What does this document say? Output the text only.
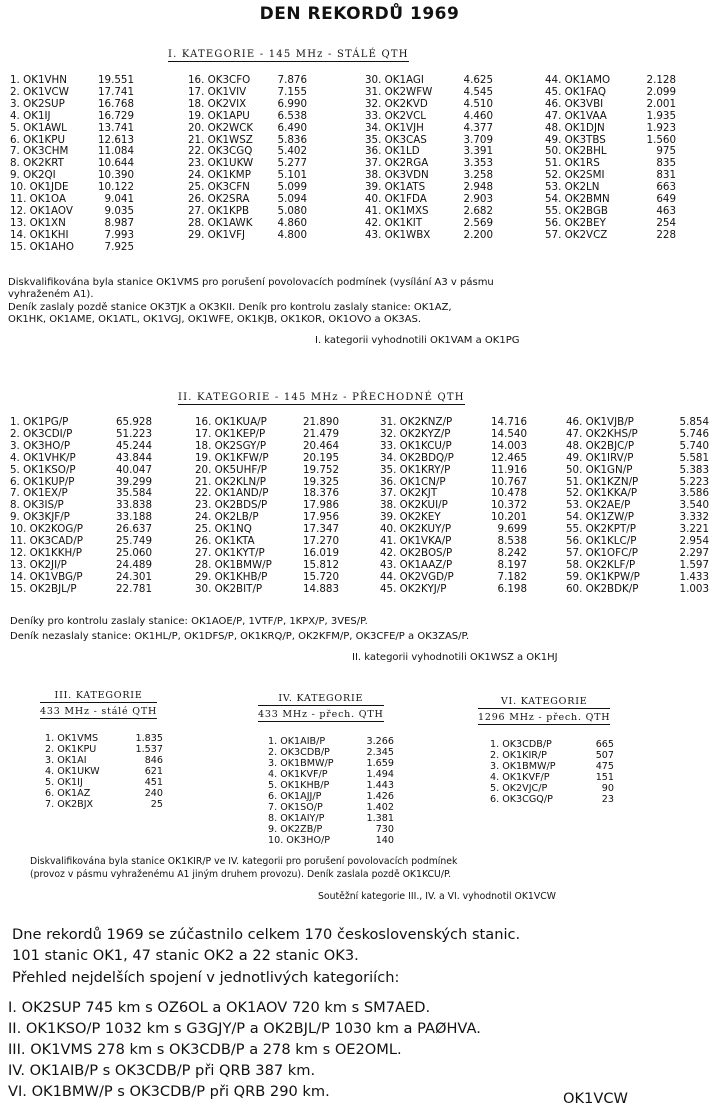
DEN REKORDŮ 1969
I. KATEGORIE - 145 MHz - STÁLÉ QTH
1. OK1VHN	19.551
2. OK1VCW	17.741
3. OK2SUP	16.768
4. OK1IJ	16.729
5. OK1AWL	13.741
6. OK1KPU	12.613
7. OK3CHM	11.084
8. OK2KRT	10.644
9. OK2QI	10.390
10. OK1JDE	10.122
11. OK1OA	9.041
12. OK1AOV	9.035
13. OK1XN	8.987
14. OK1KHI	7.993
15. OK1AHO	7.925
16. OK3CFO	7.876
17. OK1VIV	7.155
18. OK2VIX	6.990
19. OK1APU	6.538
20. OK2WCK	6.490
21. OK1WSZ	5.836
22. OK3CGQ	5.402
23. OK1UKW	5.277
24. OK1KMP	5.101
25. OK3CFN	5.099
26. OK2SRA	5.094
27. OK1KPB	5.080
28. OK1AWK	4.860
29. OK1VFJ	4.800
30. OK1AGI	4.625
31. OK2WFW	4.545
32. OK2KVD	4.510
33. OK2VCL	4.460
34. OK1VJH	4.377
35. OK3CAS	3.709
36. OK1LD	3.391
37. OK2RGA	3.353
38. OK3VDN	3.258
39. OK1ATS	2.948
40. OK1FDA	2.903
41. OK1MXS	2.682
42. OK1KIT	2.569
43. OK1WBX	2.200
44. OK1AMO	2.128
45. OK1FAQ	2.099
46. OK3VBI	2.001
47. OK1VAA	1.935
48. OK1DJN	1.923
49. OK3TBS	1.560
50. OK2BHL	975
51. OK1RS	835
52. OK2SMI	831
53. OK2LN	663
54. OK2BMN	649
55. OK2BGB	463
56. OK2BEY	254
57. OK2VCZ	228
Diskvalifikována byla stanice OK1VMS pro porušení povolovacích podmínek (vysílání A3 v pásmu
vyhraženém A1).
Deník zaslaly pozdě stanice OK3TJK a OK3KII. Deník pro kontrolu zaslaly stanice: OK1AZ,
OK1HK, OK1AME, OK1ATL, OK1VGJ, OK1WFE, OK1KJB, OK1KOR, OK1OVO a OK3AS.
I. kategorii vyhodnotili OK1VAM a OK1PG
II. KATEGORIE - 145 MHz - PŘECHODNÉ QTH
1. OK1PG/P	65.928
2. OK3CDI/P	51.223
3. OK3HO/P	45.244
4. OK1VHK/P	43.844
5. OK1KSO/P	40.047
6. OK1KUP/P	39.299
7. OK1EX/P	35.584
8. OK3IS/P	33.838
9. OK3KJF/P	33.188
10. OK2KOG/P	26.637
11. OK3CAD/P	25.749
12. OK1KKH/P	25.060
13. OK2JI/P	24.489
14. OK1VBG/P	24.301
15. OK2BJL/P	22.781
16. OK1KUA/P	21.890
17. OK1KEP/P	21.479
18. OK2SGY/P	20.464
19. OK1KFW/P	20.195
20. OK5UHF/P	19.752
21. OK2KLN/P	19.325
22. OK1AND/P	18.376
23. OK2BDS/P	17.986
24. OK2LB/P	17.956
25. OK1NQ	17.347
26. OK1KTA	17.270
27. OK1KYT/P	16.019
28. OK1BMW/P	15.812
29. OK1KHB/P	15.720
30. OK2BIT/P	14.883
31. OK2KNZ/P	14.716
32. OK2KYZ/P	14.540
33. OK1KCU/P	14.003
34. OK2BDQ/P	12.465
35. OK1KRY/P	11.916
36. OK1CN/P	10.767
37. OK2KJT	10.478
38. OK2KUI/P	10.372
39. OK2KEY	10.201
40. OK2KUY/P	9.699
41. OK1VKA/P	8.538
42. OK2BOS/P	8.242
43. OK1AAZ/P	8.197
44. OK2VGD/P	7.182
45. OK2KYJ/P	6.198
46. OK1VJB/P	5.854
47. OK2KHS/P	5.746
48. OK2BJC/P	5.740
49. OK1IRV/P	5.581
50. OK1GN/P	5.383
51. OK1KZN/P	5.223
52. OK1KKA/P	3.586
53. OK2AE/P	3.540
54. OK1ZW/P	3.332
55. OK2KPT/P	3.221
56. OK1KLC/P	2.954
57. OK1OFC/P	2.297
58. OK2KLF/P	1.597
59. OK1KPW/P	1.433
60. OK2BDK/P	1.003
Deníky pro kontrolu zaslaly stanice: OK1AOE/P, 1VTF/P, 1KPX/P, 3VES/P.
Deník nezaslaly stanice: OK1HL/P, OK1DFS/P, OK1KRQ/P, OK2KFM/P, OK3CFE/P a OK3ZAS/P.
II. kategorii vyhodnotili OK1WSZ a OK1HJ
III. KATEGORIE
433 MHz - stálé QTH
1. OK1VMS	1.835
2. OK1KPU	1.537
3. OK1AI	846
4. OK1UKW	621
5. OK1IJ	451
6. OK1AZ	240
7. OK2BJX	25
IV. KATEGORIE
433 MHz - přech. QTH
1. OK1AIB/P	3.266
2. OK3CDB/P	2.345
3. OK1BMW/P	1.659
4. OK1KVF/P	1.494
5. OK1KHB/P	1.443
6. OK1AJJ/P	1.426
7. OK1SO/P	1.402
8. OK1AIY/P	1.381
9. OK2ZB/P	730
10. OK3HO/P	140
VI. KATEGORIE
1296 MHz - přech. QTH
1. OK3CDB/P	665
2. OK1KIR/P	507
3. OK1BMW/P	475
4. OK1KVF/P	151
5. OK2VJC/P	90
6. OK3CGQ/P	23
Diskvalifikována byla stanice OK1KIR/P ve IV. kategorii pro porušení povolovacích podmínek
(provoz v pásmu vyhraženému A1 jiným druhem provozu). Deník zaslala pozdě OK1KCU/P.
Soutěžní kategorie III., IV. a VI. vyhodnotil OK1VCW
Dne rekordů 1969 se zúčastnilo celkem 170 československých stanic.
101 stanic OK1, 47 stanic OK2 a 22 stanic OK3.
Přehled nejdelších spojení v jednotlivých kategoriích:
I. OK2SUP 745 km s OZ6OL a OK1AOV 720 km s SM7AED.
II. OK1KSO/P 1032 km s G3GJY/P a OK2BJL/P 1030 km a PAØHVA.
III. OK1VMS 278 km s OK3CDB/P a 278 km s OE2OML.
IV. OK1AIB/P s OK3CDB/P při QRB 387 km.
VI. OK1BMW/P s OK3CDB/P při QRB 290 km.	OK1VCW
